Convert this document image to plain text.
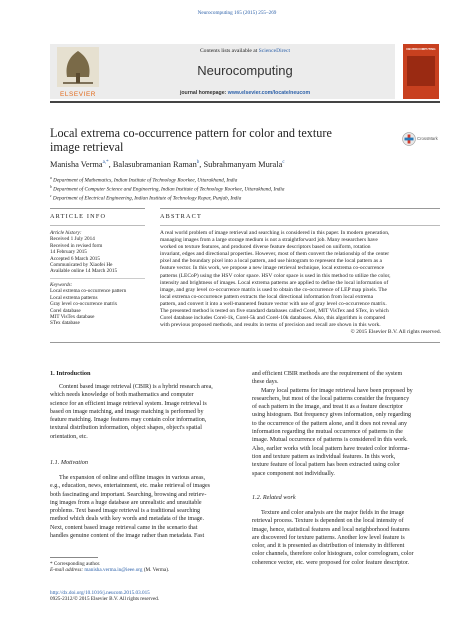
Neurocomputing 165 (2015) 255–269
ELSEVIER
Contents lists available at ScienceDirect
Neurocomputing
journal homepage: www.elsevier.com/locate/neucom
NEUROCOMPUTING
Local extrema co-occurrence pattern for color and texture
image retrieval
CrossMark
Manisha Verma$^{a,*}$, Balasubramanian Raman$^b$, Subrahmanyam Murala$^c$
$^a$ Department of Mathematics, Indian Institute of Technology Roorkee, Uttarakhand, India
$^b$ Department of Computer Science and Engineering, Indian Institute of Technology Roorkee, Uttarakhand, India
$^c$ Department of Electrical Engineering, Indian Institute of Technology Ropar, Punjab, India
ARTICLE INFO	ABSTRACT
Article history:
Received 1 July 2014
Received in revised form
14 February 2015
Accepted 6 March 2015
Communicated by Xiaofei He
Available online 14 March 2015
Keywords:
Local extrema co-occurrence pattern
Local extrema patterns
Gray level co-occurrence matrix
Corel database
MIT VisTex database
STex database
A real world problem of image retrieval and searching is considered in this paper. In modern generation,
managing images from a large storage medium is not a straightforward job. Many researchers have
worked on texture features, and produced diverse feature descriptors based on uniform, rotation
invariant, edges and directional properties. However, most of them convert the relationship of the center
pixel and the boundary pixel into a local pattern, and use histogram to represent the local pattern as a
feature vector. In this work, we propose a new image retrieval technique, local extrema co-occurrence
patterns (LECoP) using the HSV color space. HSV color space is used in this method to utilize the color,
intensity and brightness of images. Local extrema patterns are applied to define the local information of
image, and gray level co-occurrence matrix is used to obtain the co-occurrence of LEP map pixels. The
local extrema co-occurrence pattern extracts the local directional information from local extrema
pattern, and convert it into a well-mannered feature vector with use of gray level co-occurrence matrix.
The presented method is tested on five standard databases called Corel, MIT VisTex and STex, in which
Corel database includes Corel-1k, Corel-5k and Corel-10k databases. Also, this algorithm is compared
with previous proposed methods, and results in terms of precision and recall are shown in this work.
© 2015 Elsevier B.V. All rights reserved.
1. Introduction
Content based image retrieval (CBIR) is a hybrid research area,
which needs knowledge of both mathematics and computer
science for an efficient image retrieval system. Image retrieval is
based on image matching, and image matching is performed by
feature matching. Image features may contain color information,
textural distribution information, object shapes, object's spatial
orientation, etc.
1.1. Motivation
The expansion of online and offline images in various areas,
e.g., education, news, entertainment, etc. make retrieval of images
both fascinating and important. Searching, browsing and retriev-
ing images from a huge database are unrealistic and unsuitable
problems. Text based image retrieval is a traditional searching
method which deals with key words and metadata of the image.
Next, content based image retrieval came in the scenario that
handles genuine content of the image rather than metadata. Fast
* Corresponding author.
E-mail address: manisha.verma.in@ieee.org (M. Verma).
http://dx.doi.org/10.1016/j.neucom.2015.03.015
0925-2312/© 2015 Elsevier B.V. All rights reserved.
and efficient CBIR methods are the requirement of the system
these days.
Many local patterns for image retrieval have been proposed by
researchers, but most of the local patterns consider the frequency
of each pattern in the image, and treat it as a feature descriptor
using histogram. But frequency gives information, only regarding
to the occurrence of the pattern alone, and it does not reveal any
information regarding the mutual occurrence of patterns in the
image. Mutual occurrence of patterns is considered in this work.
Also, earlier works with local pattern have treated color informa-
tion and texture pattern as individual features. In this work,
texture feature of local pattern has been extracted using color
space component not individually.
1.2. Related work
Texture and color analysis are the major fields in the image
retrieval process. Texture is dependent on the local intensity of
image, hence, statistical features and local neighborhood features
are discovered for texture patterns. Another low level feature is
color, and it is presented as distribution of intensity in different
color channels, therefore color histogram, color correlogram, color
coherence vector, etc. were proposed for color feature descriptor.
